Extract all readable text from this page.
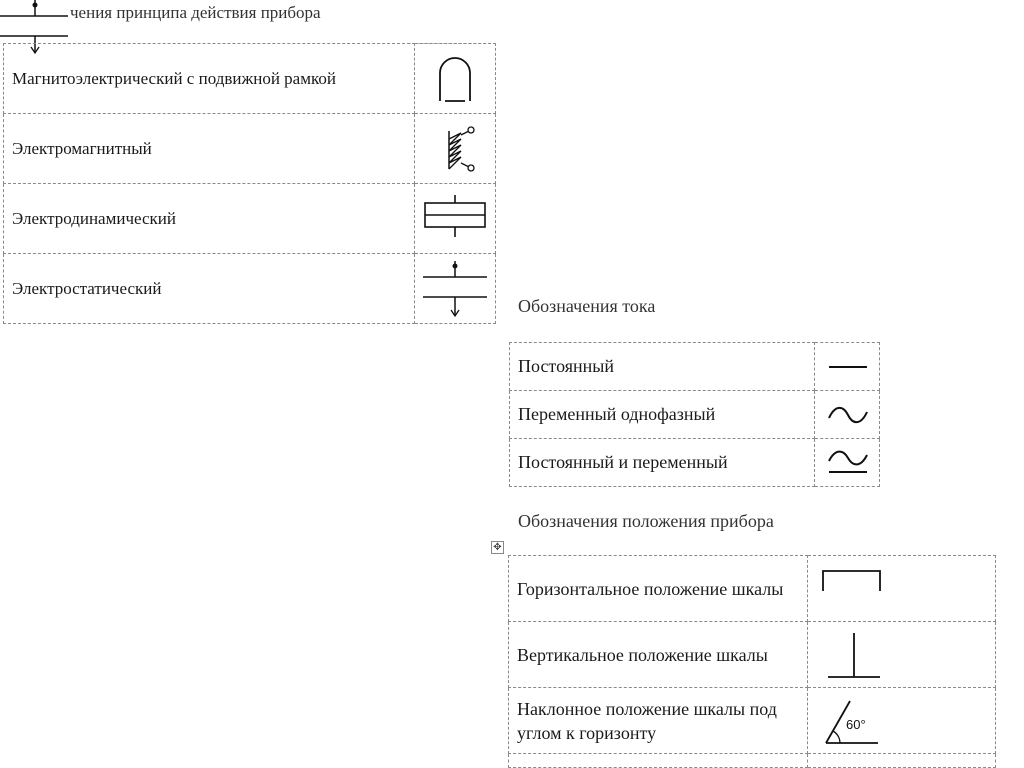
чения принципа действия прибора
Магнитоэлектрический с подвижной рамкой	

Электромагнитный	

Электродинамический	

Электростатический	
Обозначения тока
Постоянный	

Переменный однофазный	

Постоянный и переменный	
Обозначения положения прибора
✥
Горизонтальное положение шкалы	

Вертикальное положение шкалы	

Наклонное положение шкалы под углом к горизонту	60°
